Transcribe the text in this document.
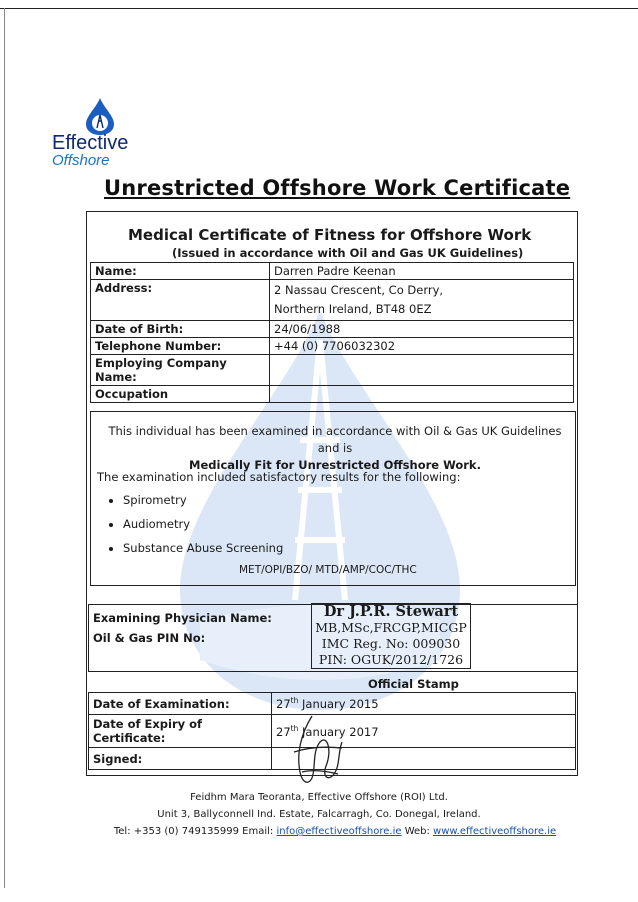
Effective
Offshore
Unrestricted Offshore Work Certificate
Medical Certificate of Fitness for Offshore Work
(Issued in accordance with Oil and Gas UK Guidelines)
Name:	Darren Padre Keenan
Address:	2 Nassau Crescent, Co Derry,
Northern Ireland, BT48 0EZ

Date of Birth:	24/06/1988
Telephone Number:	+44 (0) 7706032302
Employing Company Name:	
Occupation	
This individual has been examined in accordance with Oil & Gas UK Guidelines and is
Medically Fit for Unrestricted Offshore Work.
The examination included satisfactory results for the following:
• Spirometry
• Audiometry
• Substance Abuse Screening
MET/OPI/BZO/ MTD/AMP/COC/THC
Examining Physician Name:
Oil & Gas PIN No:
Dr J.P.R. Stewart
MB,MSc,FRCGP,MICGP
IMC Reg. No: 009030
PIN: OGUK/2012/1726
Official Stamp
Date of Examination:	27th January 2015
Date of Expiry of Certificate:	27th January 2017
Signed:	
Feidhm Mara Teoranta, Effective Offshore (ROI) Ltd.
Unit 3, Ballyconnell Ind. Estate, Falcarragh, Co. Donegal, Ireland.
Tel: +353 (0) 749135999 Email: info@effectiveoffshore.ie Web: www.effectiveoffshore.ie
